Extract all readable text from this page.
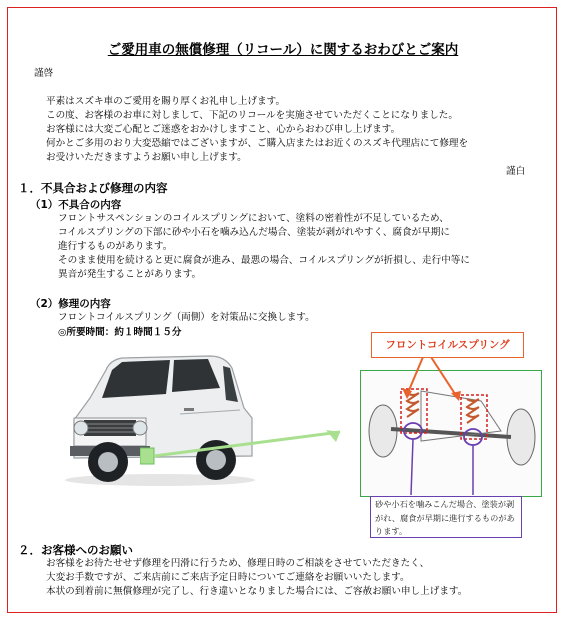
ご愛用車の無償修理（リコール）に関するおわびとご案内
謹啓
平素はスズキ車のご愛用を賜り厚くお礼申し上げます。
この度、お客様のお車に対しまして、下記のリコールを実施させていただくことになりました。
お客様には大変ご心配とご迷惑をおかけしますこと、心からおわび申し上げます。
何かとご多用のおり大変恐縮ではございますが、ご購入店またはお近くのスズキ代理店にて修理を
お受けいただきますようお願い申し上げます。
謹白
１．不具合および修理の内容
（1）不具合の内容
フロントサスペンションのコイルスプリングにおいて、塗料の密着性が不足しているため、
コイルスプリングの下部に砂や小石を噛み込んだ場合、塗装が剥がれやすく、腐食が早期に
進行するものがあります。
そのまま使用を続けると更に腐食が進み、最悪の場合、コイルスプリングが折損し、走行中等に
異音が発生することがあります。
（2）修理の内容
フロントコイルスプリング（両側）を対策品に交換します。
◎所要時間：約１時間１５分
フロントコイルスプリング
砂や小石を噛みこんだ場合、塗装が剥がれ、腐食が早期に進行するものがあります。
２．お客様へのお願い
お客様をお待たせせず修理を円滑に行うため、修理日時のご相談をさせていただきたく、
大変お手数ですが、ご来店前にご来店予定日時についてご連絡をお願いいたします。
本状の到着前に無償修理が完了し、行き違いとなりました場合には、ご容赦お願い申し上げます。
